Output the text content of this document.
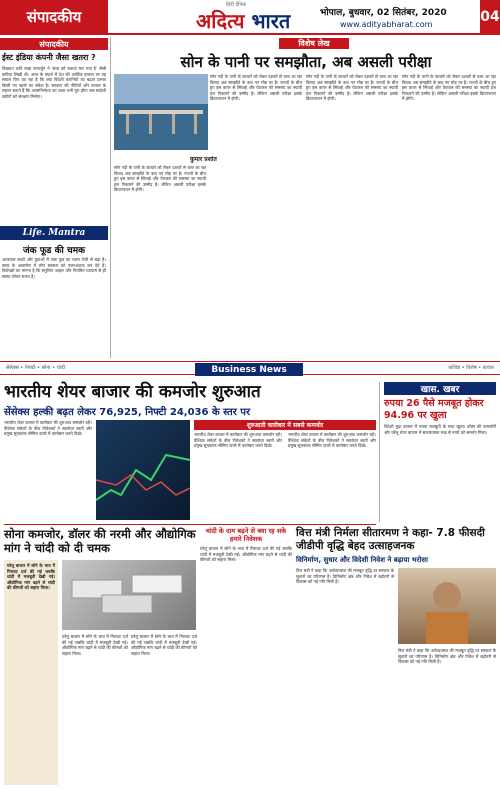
संपादकीय
हिंदी दैनिक
अदित्य भारत	भोपाल, बुधवार, 02 सितंबर, 2020
www.adityabharat.com	04
संपादकीय
ईस्ट इंडिया कंपनी जैसा खतरा ?
विख्यात कवि बाबा नागार्जुन ने 'सत्य को लकवा मार गया है' जैसी कविता लिखी थी। आज के संदर्भ में देश की आर्थिक हालात पर यह सवाल फिर उठ रहा है कि क्या विदेशी कंपनियों का बढ़ता प्रभाव किसी नए खतरे का संकेत है। सरकार की नीतियों और बाजार के रुझान बताते हैं कि आत्मनिर्भरता का लक्ष्य तभी पूरा होगा जब स्वदेशी उद्योगों को संरक्षण मिलेगा।
Life. Mantra
जंक फूड की चमक
आजकल बच्चों और युवाओं में जंक फूड का चलन तेजी से बढ़ा है। स्वाद के आकर्षण में लोग स्वास्थ्य को नजरअंदाज कर देते हैं। विशेषज्ञों का मानना है कि संतुलित आहार और नियमित व्यायाम से ही स्वस्थ जीवन संभव है।
विशेष लेख
सोन के पानी पर समझौता, अब असली परीक्षा
कुमार प्रशांत
सोन नदी के पानी के बंटवारे को लेकर दशकों से चला आ रहा विवाद अब समझौते के बाद नए मोड़ पर है। राज्यों के बीच हुए इस करार से सिंचाई और पेयजल की समस्या का स्थायी हल निकलने की उम्मीद है। लेकिन असली परीक्षा इसके क्रियान्वयन में होगी।
सोन नदी के पानी के बंटवारे को लेकर दशकों से चला आ रहा विवाद अब समझौते के बाद नए मोड़ पर है। राज्यों के बीच हुए इस करार से सिंचाई और पेयजल की समस्या का स्थायी हल निकलने की उम्मीद है। लेकिन असली परीक्षा इसके क्रियान्वयन में होगी।
सोन नदी के पानी के बंटवारे को लेकर दशकों से चला आ रहा विवाद अब समझौते के बाद नए मोड़ पर है। राज्यों के बीच हुए इस करार से सिंचाई और पेयजल की समस्या का स्थायी हल निकलने की उम्मीद है। लेकिन असली परीक्षा इसके क्रियान्वयन में होगी।
सोन नदी के पानी के बंटवारे को लेकर दशकों से चला आ रहा विवाद अब समझौते के बाद नए मोड़ पर है। राज्यों के बीच हुए इस करार से सिंचाई और पेयजल की समस्या का स्थायी हल निकलने की उम्मीद है। लेकिन असली परीक्षा इसके क्रियान्वयन में होगी।
सेंसेक्स • निफ्टी • सोना • चांदी	कोविड • विशेष • बाजार
Business News
भारतीय शेयर बाजार की कमजोर शुरुआत
सेंसेक्स हल्की बढ़त लेकर 76,925, निफ्टी 24,036 के स्तर पर
भारतीय शेयर बाजार में कारोबार की शुरुआत कमजोर रही। वैश्विक संकेतों के बीच निवेशकों ने सतर्कता बरती और प्रमुख सूचकांक सीमित दायरे में कारोबार करते दिखे।
शुरुआती कारोबार में सबसे कमजोर
भारतीय शेयर बाजार में कारोबार की शुरुआत कमजोर रही। वैश्विक संकेतों के बीच निवेशकों ने सतर्कता बरती और प्रमुख सूचकांक सीमित दायरे में कारोबार करते दिखे।
भारतीय शेयर बाजार में कारोबार की शुरुआत कमजोर रही। वैश्विक संकेतों के बीच निवेशकों ने सतर्कता बरती और प्रमुख सूचकांक सीमित दायरे में कारोबार करते दिखे।
सोना कमजोर, डॉलर की नरमी और औद्योगिक मांग ने चांदी को दी चमक
घरेलू बाजार में सोने के भाव में गिरावट दर्ज की गई जबकि चांदी में मजबूती देखी गई। औद्योगिक मांग बढ़ने से चांदी की कीमतों को सहारा मिला।
घरेलू बाजार में सोने के भाव में गिरावट दर्ज की गई जबकि चांदी में मजबूती देखी गई। औद्योगिक मांग बढ़ने से चांदी की कीमतों को सहारा मिला।
घरेलू बाजार में सोने के भाव में गिरावट दर्ज की गई जबकि चांदी में मजबूती देखी गई। औद्योगिक मांग बढ़ने से चांदी की कीमतों को सहारा मिला।
चांदी के दाम बढ़ने से क्या रह सके हमारे निवेशक
घरेलू बाजार में सोने के भाव में गिरावट दर्ज की गई जबकि चांदी में मजबूती देखी गई। औद्योगिक मांग बढ़ने से चांदी की कीमतों को सहारा मिला।
वित्त मंत्री निर्मला सीतारमण ने कहा- 7.8 फीसदी जीडीपी वृद्धि बेहद उत्साहजनक
विनिर्माण, सुधार और विदेशी निवेश ने बढ़ाया भरोसा
वित्त मंत्री ने कहा कि अर्थव्यवस्था की मजबूत वृद्धि दर सरकार के सुधारों का परिणाम है। विनिर्माण क्षेत्र और निवेश में बढ़ोतरी से विकास को नई गति मिली है।
वित्त मंत्री ने कहा कि अर्थव्यवस्था की मजबूत वृद्धि दर सरकार के सुधारों का परिणाम है। विनिर्माण क्षेत्र और निवेश में बढ़ोतरी से विकास को नई गति मिली है।
खास. खबर
रुपया 26 पैसे मजबूत होकर 94.96 पर खुला
विदेशी मुद्रा बाजार में रुपया मजबूती के साथ खुला। डॉलर की कमजोरी और घरेलू शेयर बाजार में सकारात्मक रुख से रुपये को समर्थन मिला।
